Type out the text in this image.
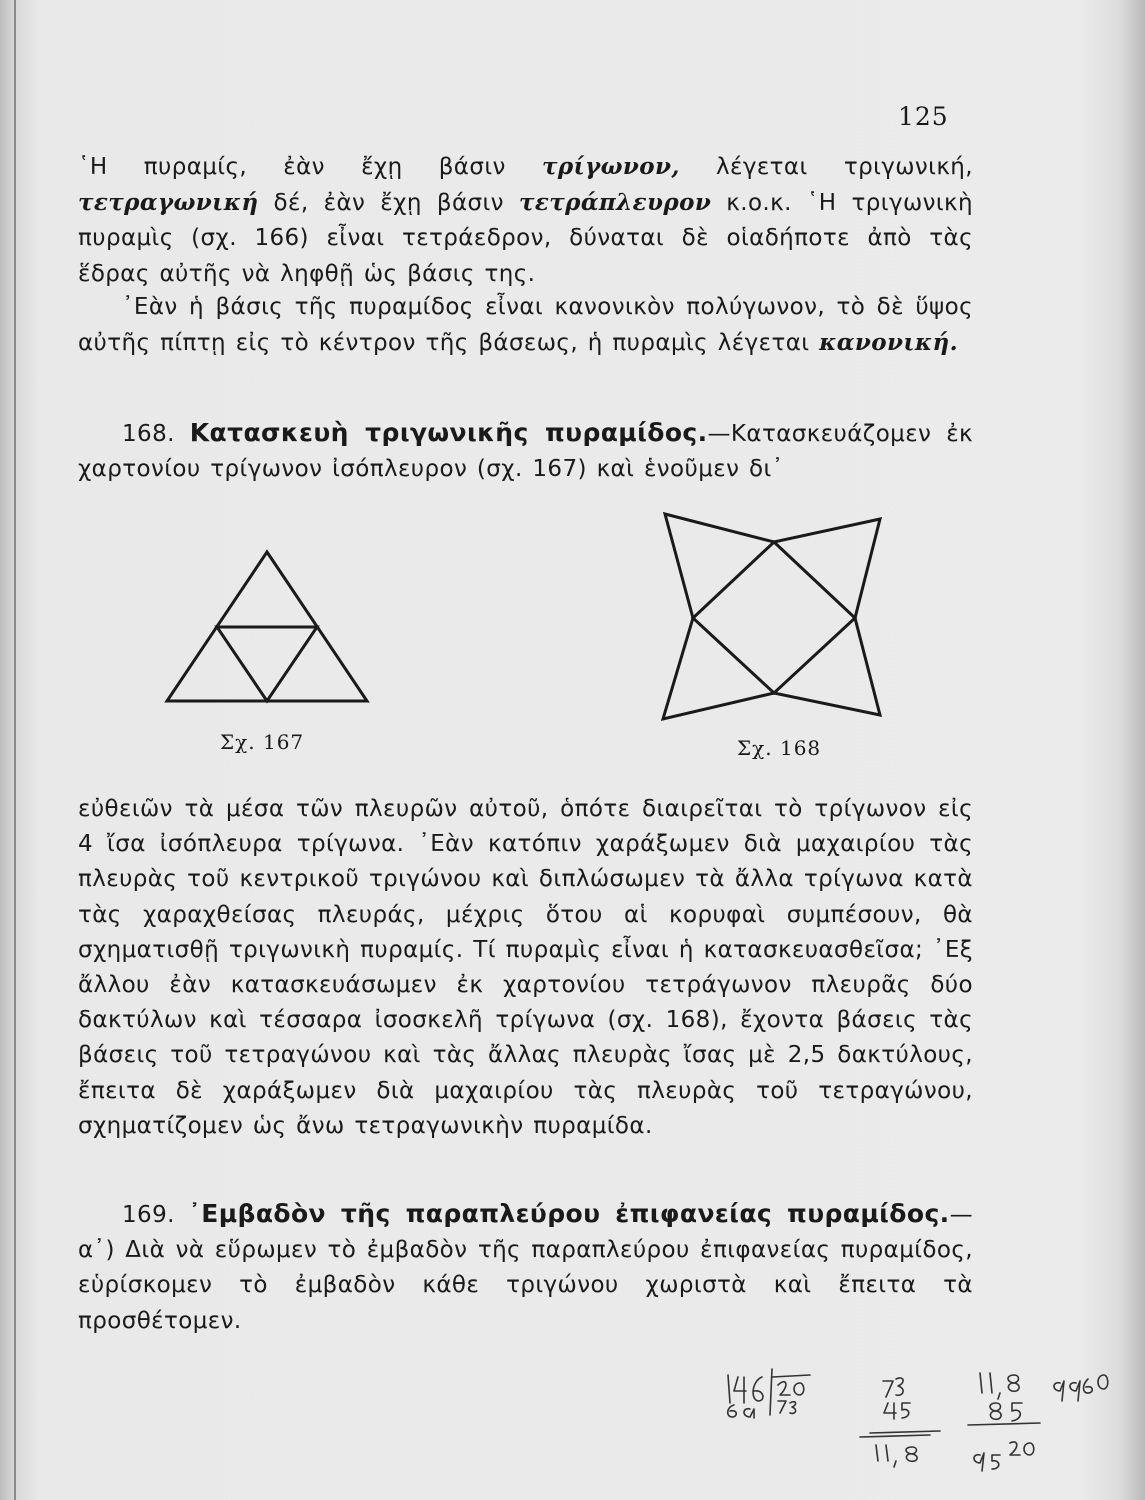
125
῾Η πυραμίς, ἐὰν ἔχῃ βάσιν τρίγωνον, λέγεται τριγωνική, τετραγωνική δέ, ἐὰν ἔχῃ βάσιν τετράπλευρον κ.ο.κ. ῾Η τριγωνικὴ πυραμὶς (σχ. 166) εἶναι τετράεδρον, δύναται δὲ οἱαδήποτε ἀπὸ τὰς ἕδρας αὐτῆς νὰ ληφθῇ ὡς βάσις της.
᾿Εὰν ἡ βάσις τῆς πυραμίδος εἶναι κανονικὸν πολύγωνον, τὸ δὲ ὕψος αὐτῆς πίπτῃ εἰς τὸ κέντρον τῆς βάσεως, ἡ πυραμὶς λέγεται κανονική.
168. Κατασκευὴ τριγωνικῆς πυραμίδος.—Κατασκευάζομεν ἐκ χαρτονίου τρίγωνον ἰσόπλευρον (σχ. 167) καὶ ἑνοῦμεν δι᾿
Σχ. 167	Σχ. 168
εὐθειῶν τὰ μέσα τῶν πλευρῶν αὐτοῦ, ὁπότε διαιρεῖται τὸ τρίγωνον εἰς 4 ἴσα ἰσόπλευρα τρίγωνα. ᾿Εὰν κατόπιν χαράξωμεν διὰ μαχαιρίου τὰς πλευρὰς τοῦ κεντρικοῦ τριγώνου καὶ διπλώσωμεν τὰ ἄλλα τρίγωνα κατὰ τὰς χαραχθείσας πλευράς, μέχρις ὅτου αἱ κορυφαὶ συμπέσουν, θὰ σχηματισθῇ τριγωνικὴ πυραμίς. Τί πυραμὶς εἶναι ἡ κατασκευασθεῖσα; ᾿Εξ ἄλλου ἐὰν κατασκευάσωμεν ἐκ χαρτονίου τετράγωνον πλευρᾶς δύο δακτύλων καὶ τέσσαρα ἰσοσκελῆ τρίγωνα (σχ. 168), ἔχοντα βάσεις τὰς βάσεις τοῦ τετραγώνου καὶ τὰς ἄλλας πλευρὰς ἴσας μὲ 2,5 δακτύλους, ἔπειτα δὲ χαράξωμεν διὰ μαχαιρίου τὰς πλευρὰς τοῦ τετραγώνου, σχηματίζομεν ὡς ἄνω τετραγωνικὴν πυραμίδα.
169. ᾿Εμβαδὸν τῆς παραπλεύρου ἐπιφανείας πυραμίδος.— α᾿) Διὰ νὰ εὕρωμεν τὸ ἐμβαδὸν τῆς παραπλεύρου ἐπιφανείας πυραμίδος, εὑρίσκομεν τὸ ἐμβαδὸν κάθε τριγώνου χωριστὰ καὶ ἔπειτα τὰ προσθέτομεν.
